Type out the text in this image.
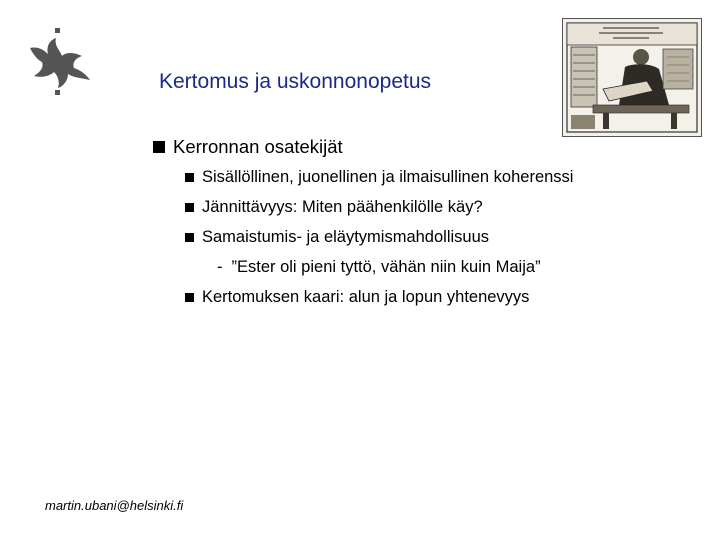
Kertomus ja uskonnonopetus
Kerronnan osatekijät
Sisällöllinen, juonellinen ja ilmaisullinen koherenssi
Jännittävyys: Miten päähenkilölle käy?
Samaistumis- ja eläytymismahdollisuus
- ”Ester oli pieni tyttö, vähän niin kuin Maija”
Kertomuksen kaari: alun ja lopun yhtenevyys
martin.ubani@helsinki.fi
